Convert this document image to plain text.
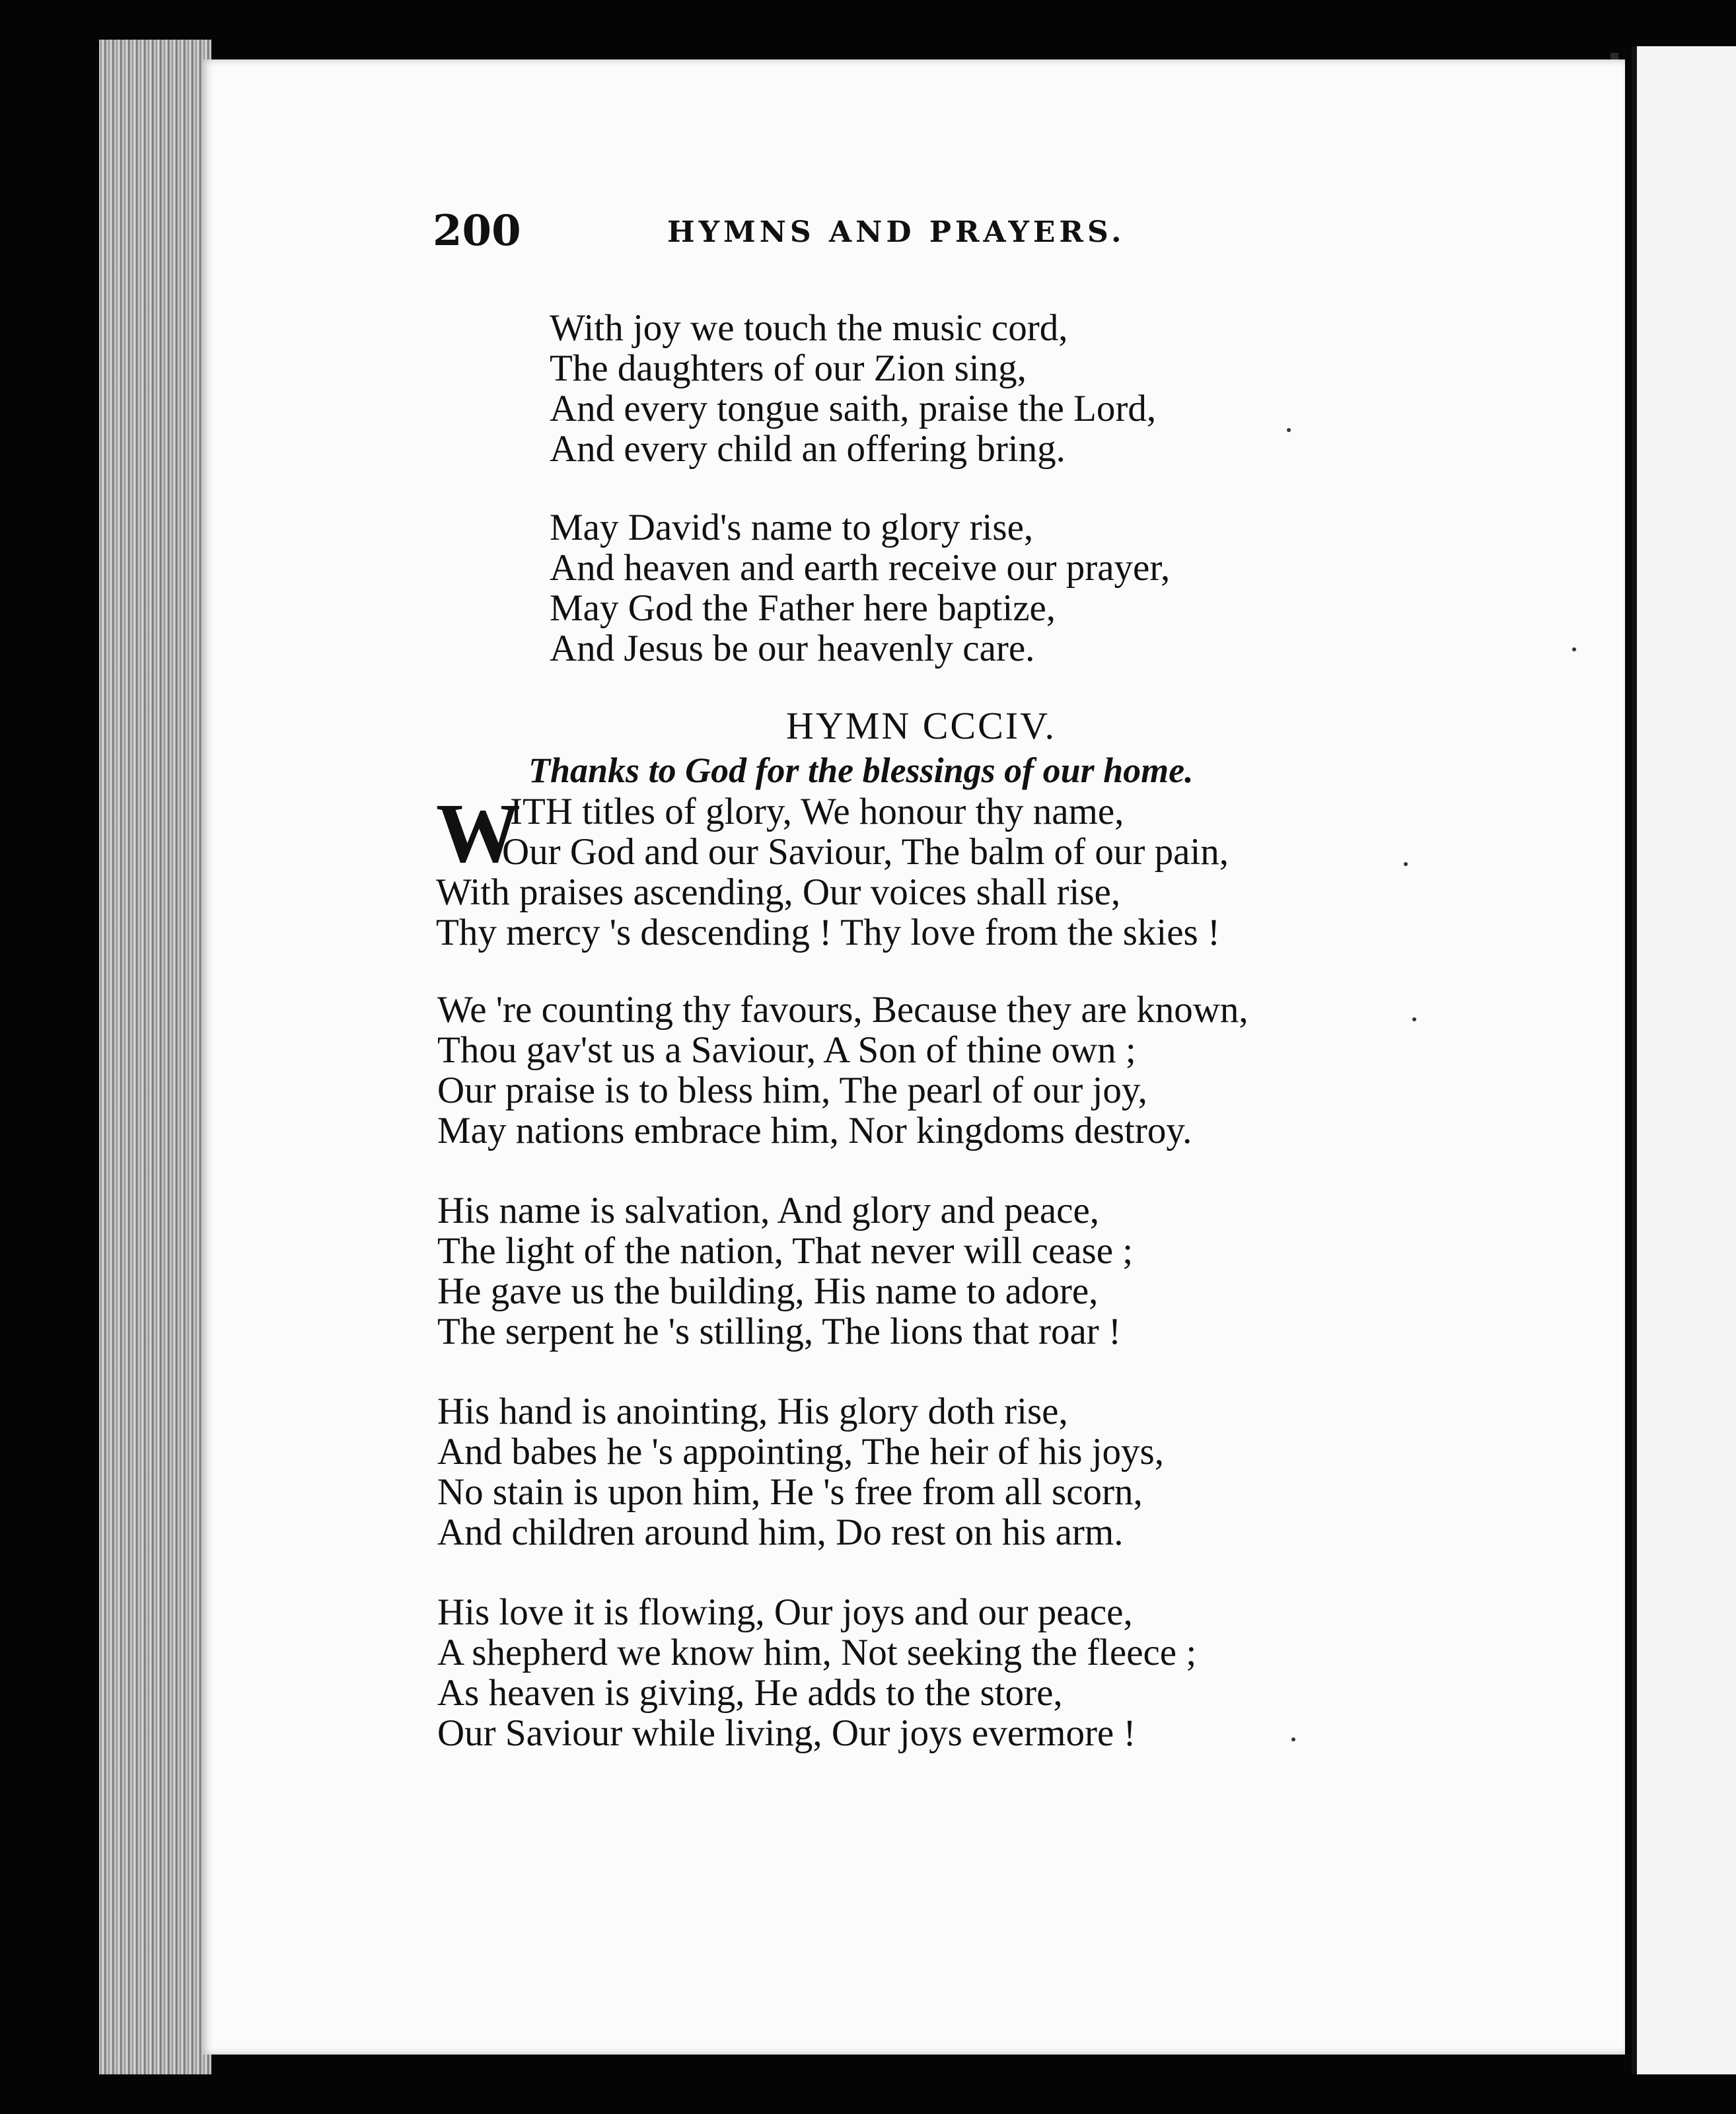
200	HYMNS AND PRAYERS.
With joy we touch the music cord,
The daughters of our Zion sing,
And every tongue saith, praise the Lord,
And every child an offering bring.
May David's name to glory rise,
And heaven and earth receive our prayer,
May God the Father here baptize,
And Jesus be our heavenly care.
HYMN CCCIV.
Thanks to God for the blessings of our home.
W
ITH titles of glory, We honour thy name,
Our God and our Saviour, The balm of our pain,
With praises ascending, Our voices shall rise,
Thy mercy 's descending ! Thy love from the skies !
We 're counting thy favours, Because they are known,
Thou gav'st us a Saviour, A Son of thine own ;
Our praise is to bless him, The pearl of our joy,
May nations embrace him, Nor kingdoms destroy.
His name is salvation, And glory and peace,
The light of the nation, That never will cease ;
He gave us the building, His name to adore,
The serpent he 's stilling, The lions that roar !
His hand is anointing, His glory doth rise,
And babes he 's appointing, The heir of his joys,
No stain is upon him, He 's free from all scorn,
And children around him, Do rest on his arm.
His love it is flowing, Our joys and our peace,
A shepherd we know him, Not seeking the fleece ;
As heaven is giving, He adds to the store,
Our Saviour while living, Our joys evermore !
